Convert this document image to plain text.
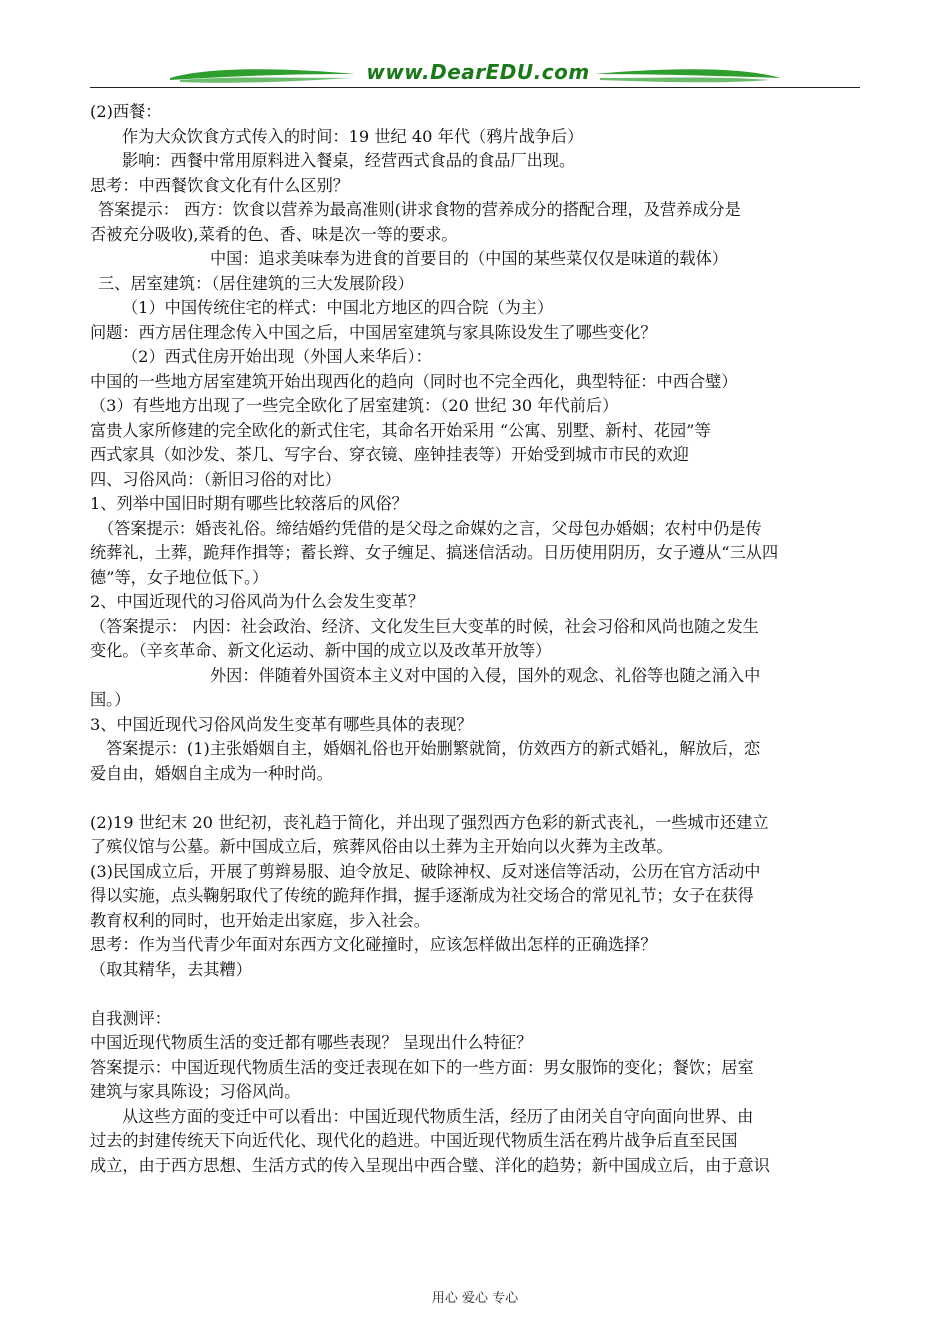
www.DearEDU.com
(2)西餐：
作为大众饮食方式传入的时间：19 世纪 40 年代（鸦片战争后）
影响：西餐中常用原料进入餐桌，经营西式食品的食品厂出现。
思考：中西餐饮食文化有什么区别？
答案提示： 西方：饮食以营养为最高准则(讲求食物的营养成分的搭配合理，及营养成分是
否被充分吸收),菜肴的色、香、味是次一等的要求。
中国：追求美味奉为进食的首要目的（中国的某些菜仅仅是味道的载体）
三、居室建筑：（居住建筑的三大发展阶段）
（1）中国传统住宅的样式：中国北方地区的四合院（为主）
问题：西方居住理念传入中国之后，中国居室建筑与家具陈设发生了哪些变化？
（2）西式住房开始出现（外国人来华后）：
中国的一些地方居室建筑开始出现西化的趋向（同时也不完全西化，典型特征：中西合璧）
（3）有些地方出现了一些完全欧化了居室建筑：（20 世纪 30 年代前后）
富贵人家所修建的完全欧化的新式住宅，其命名开始采用 “公寓、别墅、新村、花园”等
西式家具（如沙发、茶几、写字台、穿衣镜、座钟挂表等）开始受到城市市民的欢迎
四、习俗风尚：（新旧习俗的对比）
1、列举中国旧时期有哪些比较落后的风俗？
（答案提示：婚丧礼俗。缔结婚约凭借的是父母之命媒妁之言，父母包办婚姻；农村中仍是传
统葬礼，土葬，跪拜作揖等；蓄长辫、女子缠足、搞迷信活动。日历使用阴历，女子遵从“三从四
德”等，女子地位低下。）
2、中国近现代的习俗风尚为什么会发生变革？
（答案提示： 内因：社会政治、经济、文化发生巨大变革的时候，社会习俗和风尚也随之发生
变化。（辛亥革命、新文化运动、新中国的成立以及改革开放等）
外因：伴随着外国资本主义对中国的入侵，国外的观念、礼俗等也随之涌入中
国。）
3、中国近现代习俗风尚发生变革有哪些具体的表现？
答案提示：(1)主张婚姻自主，婚姻礼俗也开始删繁就简，仿效西方的新式婚礼，解放后，恋
爱自由，婚姻自主成为一种时尚。
(2)19 世纪末 20 世纪初，丧礼趋于简化，并出现了强烈西方色彩的新式丧礼，一些城市还建立
了殡仪馆与公墓。新中国成立后，殡葬风俗由以土葬为主开始向以火葬为主改革。
(3)民国成立后，开展了剪辫易服、迫令放足、破除神权、反对迷信等活动，公历在官方活动中
得以实施，点头鞠躬取代了传统的跪拜作揖，握手逐渐成为社交场合的常见礼节；女子在获得
教育权利的同时，也开始走出家庭，步入社会。
思考：作为当代青少年面对东西方文化碰撞时，应该怎样做出怎样的正确选择？
（取其精华，去其糟）
自我测评：
中国近现代物质生活的变迁都有哪些表现？ 呈现出什么特征？
答案提示：中国近现代物质生活的变迁表现在如下的一些方面：男女服饰的变化；餐饮；居室
建筑与家具陈设；习俗风尚。
从这些方面的变迁中可以看出：中国近现代物质生活，经历了由闭关自守向面向世界、由
过去的封建传统天下向近代化、现代化的趋进。中国近现代物质生活在鸦片战争后直至民国
成立，由于西方思想、生活方式的传入呈现出中西合璧、洋化的趋势；新中国成立后，由于意识
用心 爱心 专心
